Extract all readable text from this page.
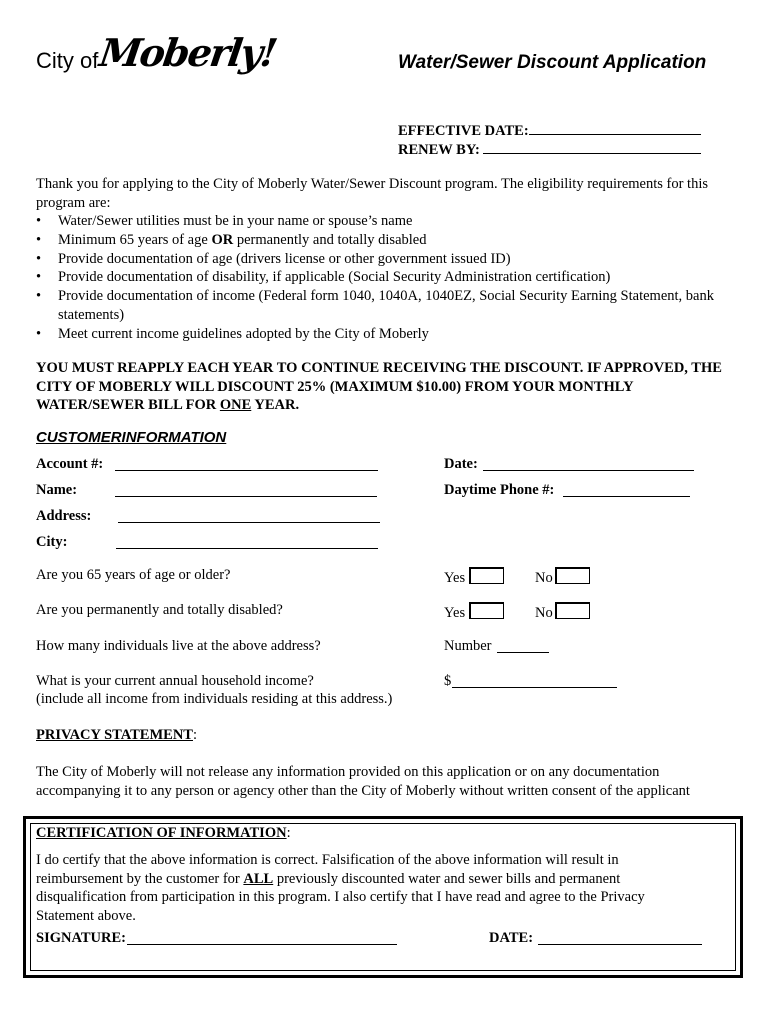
City of
Moberly!	Water/Sewer Discount Application
EFFECTIVE DATE:
RENEW BY:
Thank you for applying to the City of Moberly Water/Sewer Discount program. The eligibility requirements for this program are:
• Water/Sewer utilities must be in your name or spouse’s name
• Minimum 65 years of age OR permanently and totally disabled
• Provide documentation of age (drivers license or other government issued ID)
• Provide documentation of disability, if applicable (Social Security Administration certification)
• Provide documentation of income (Federal form 1040, 1040A, 1040EZ, Social Security Earning Statement, bank statements)
• Meet current income guidelines adopted by the City of Moberly
YOU MUST REAPPLY EACH YEAR TO CONTINUE RECEIVING THE DISCOUNT. IF APPROVED, THE CITY OF MOBERLY WILL DISCOUNT 25% (MAXIMUM $10.00) FROM YOUR MONTHLY WATER/SEWER BILL FOR ONE YEAR.
CUSTOMERINFORMATION
Account #:	Date:
Name:	Daytime Phone #:
Address:
City:
Are you 65 years of age or older?	Yes	No
Are you permanently and totally disabled?	Yes	No
How many individuals live at the above address?	Number
What is your current annual household income?
(include all income from individuals residing at this address.)
$
PRIVACY STATEMENT:
The City of Moberly will not release any information provided on this application or on any documentation accompanying it to any person or agency other than the City of Moberly without written consent of the applicant
CERTIFICATION OF INFORMATION:
I do certify that the above information is correct. Falsification of the above information will result in reimbursement by the customer for ALL previously discounted water and sewer bills and permanent disqualification from participation in this program. I also certify that I have read and agree to the Privacy Statement above.
SIGNATURE:	DATE:
